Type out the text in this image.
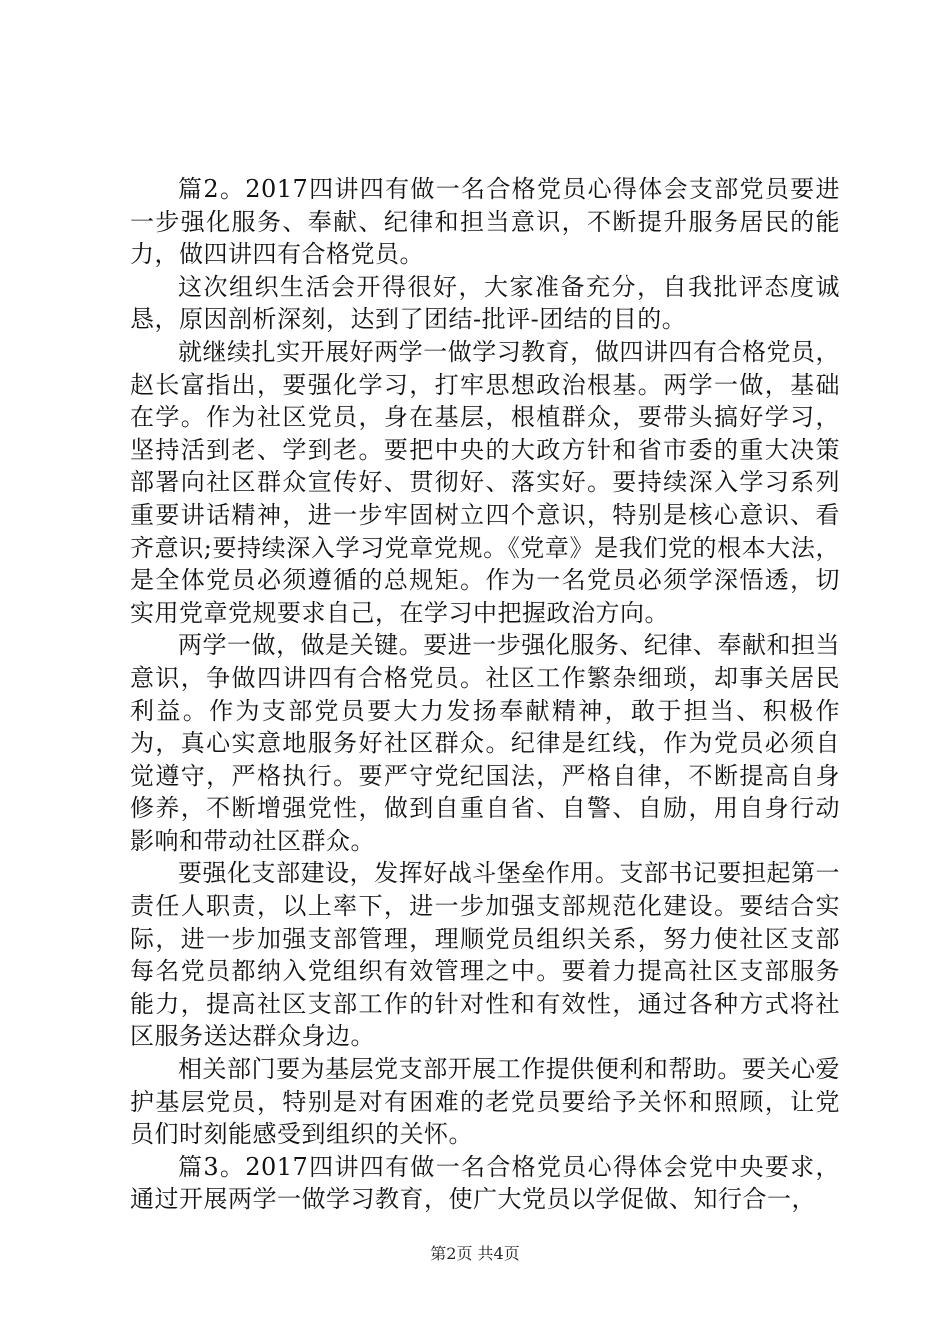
篇2。2017四讲四有做一名合格党员心得体会支部党员要进一步强化服务、奉献、纪律和担当意识，不断提升服务居民的能力，做四讲四有合格党员。

这次组织生活会开得很好，大家准备充分，自我批评态度诚恳，原因剖析深刻，达到了团结-批评-团结的目的。

就继续扎实开展好两学一做学习教育，做四讲四有合格党员，赵长富指出，要强化学习，打牢思想政治根基。两学一做，基础在学。作为社区党员，身在基层，根植群众，要带头搞好学习，坚持活到老、学到老。要把中央的大政方针和省市委的重大决策部署向社区群众宣传好、贯彻好、落实好。要持续深入学习系列重要讲话精神，进一步牢固树立四个意识，特别是核心意识、看齐意识;要持续深入学习党章党规。《党章》是我们党的根本大法，是全体党员必须遵循的总规矩。作为一名党员必须学深悟透，切实用党章党规要求自己，在学习中把握政治方向。

两学一做，做是关键。要进一步强化服务、纪律、奉献和担当意识，争做四讲四有合格党员。社区工作繁杂细琐，却事关居民利益。作为支部党员要大力发扬奉献精神，敢于担当、积极作为，真心实意地服务好社区群众。纪律是红线，作为党员必须自觉遵守，严格执行。要严守党纪国法，严格自律，不断提高自身修养，不断增强党性，做到自重自省、自警、自励，用自身行动影响和带动社区群众。

要强化支部建设，发挥好战斗堡垒作用。支部书记要担起第一责任人职责，以上率下，进一步加强支部规范化建设。要结合实际，进一步加强支部管理，理顺党员组织关系，努力使社区支部每名党员都纳入党组织有效管理之中。要着力提高社区支部服务能力，提高社区支部工作的针对性和有效性，通过各种方式将社区服务送达群众身边。

相关部门要为基层党支部开展工作提供便利和帮助。要关心爱护基层党员，特别是对有困难的老党员要给予关怀和照顾，让党员们时刻能感受到组织的关怀。

篇3。2017四讲四有做一名合格党员心得体会党中央要求，通过开展两学一做学习教育，使广大党员以学促做、知行合一，

第2页 共4页
